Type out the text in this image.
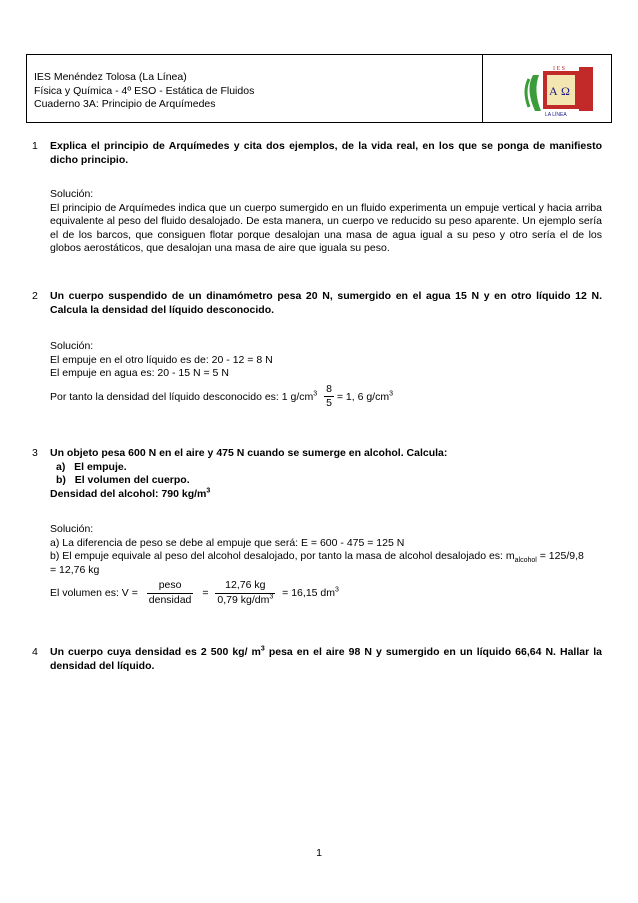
IES Menéndez Tolosa (La Línea)
Física y Química - 4º ESO - Estática de Fluidos
Cuaderno 3A: Principio de Arquímedes
I E S
Α Ω
LA LÍNEA
1 Explica el principio de Arquímedes y cita dos ejemplos, de la vida real, en los que se ponga de manifiesto dicho principio.
Solución:
El principio de Arquímedes indica que un cuerpo sumergido en un fluido experimenta un empuje vertical y hacia arriba equivalente al peso del fluido desalojado. De esta manera, un cuerpo ve reducido su peso aparente. Un ejemplo sería el de los barcos, que consiguen flotar porque desalojan una masa de agua igual a su peso y otro sería el de los globos aerostáticos, que desalojan una masa de aire que iguala su peso.
2 Un cuerpo suspendido de un dinamómetro pesa 20 N, sumergido en el agua 15 N y en otro líquido 12 N. Calcula la densidad del líquido desconocido.
Solución:
El empuje en el otro líquido es de: 20 - 12 = 8 N
El empuje en agua es: 20 - 15 N = 5 N
Por tanto la densidad del líquido desconocido es: 1 $g/cm^3 \frac{8}{5} = 1$, 6 $g/cm^3$
3 Un objeto pesa 600 N en el aire y 475 N cuando se sumerge en alcohol. Calcula:
a) El empuje.
b) El volumen del cuerpo.
Densidad del alcohol: 790 $kg/m^3$
Solución:
a) La diferencia de peso se debe al empuje que será: E = 600 - 475 = 125 N
b) El empuje equivale al peso del alcohol desalojado, por tanto la masa de alcohol desalojado es: $m_{alcohol} = 125/9,8$
= 12,76 kg
El volumen es: $V = \frac{\text{peso}}{\text{densidad}} = \frac{12,76 kg}{0,79 kg/dm^3} = 16,15$ $dm^3$
4 Un cuerpo cuya densidad es 2 500 kg/ $m^3$ pesa en el aire 98 N y sumergido en un líquido 66,64 N. Hallar la densidad del líquido.
1
